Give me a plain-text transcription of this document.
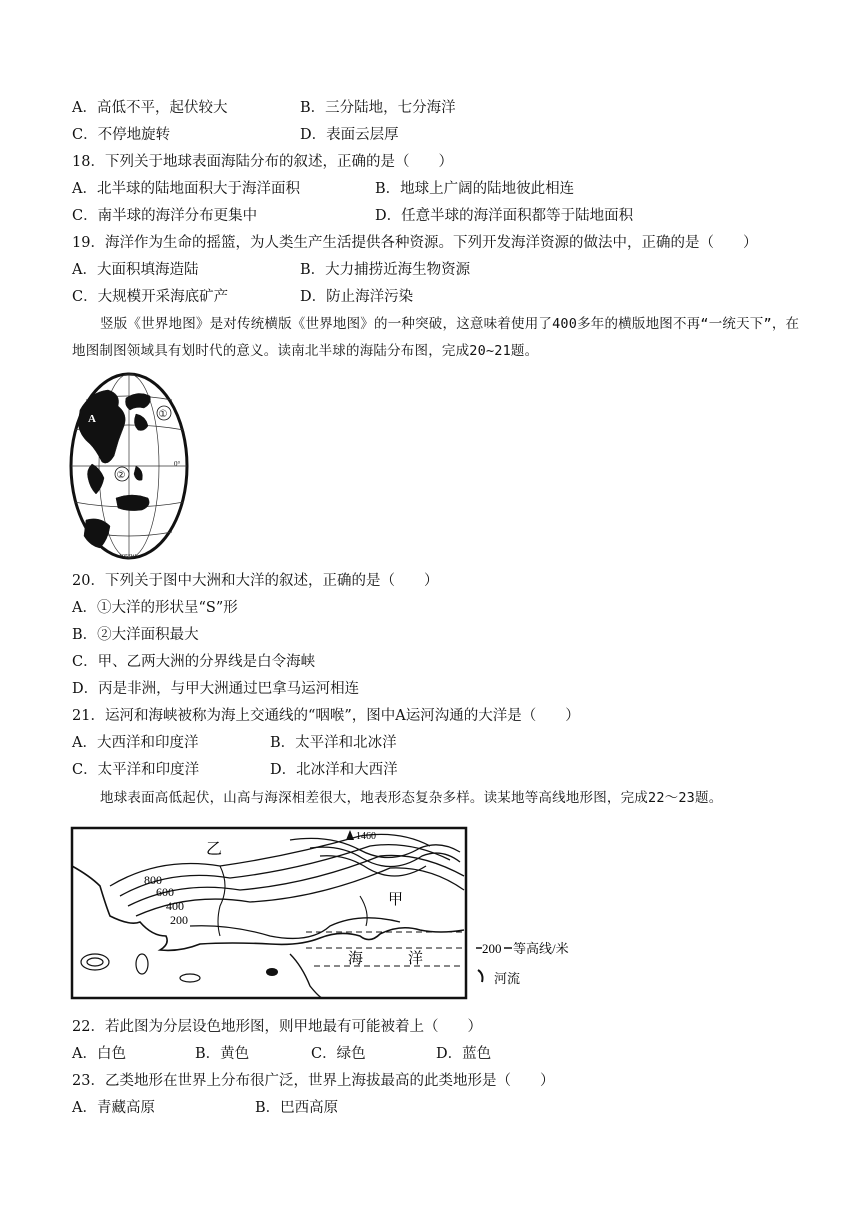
A．高低不平，起伏较大	B．三分陆地，七分海洋
C．不停地旋转	D．表面云层厚
18．下列关于地球表面海陆分布的叙述，正确的是（　　）
A．北半球的陆地面积大于海洋面积	B．地球上广阔的陆地彼此相连
C．南半球的海洋分布更集中	D．任意半球的海洋面积都等于陆地面积
19．海洋作为生命的摇篮，为人类生产生活提供各种资源。下列开发海洋资源的做法中，正确的是（　　）
A．大面积填海造陆	B．大力捕捞近海生物资源
C．大规模开采海底矿产	D．防止海洋污染
竖版《世界地图》是对传统横版《世界地图》的一种突破，这意味着使用了400多年的横版地图不再“一统天下”，在地图制图领域具有划时代的意义。读南北半球的海陆分布图，完成20~21题。
A	①
②
0°
105°W
20．下列关于图中大洲和大洋的叙述，正确的是（　　）
A．①大洋的形状呈“S”形
B．②大洋面积最大
C．甲、乙两大洲的分界线是白令海峡
D．丙是非洲，与甲大洲通过巴拿马运河相连
21．运河和海峡被称为海上交通线的“咽喉”，图中A运河沟通的大洋是（　　）
A．大西洋和印度洋	B．太平洋和北冰洋
C．太平洋和印度洋	D．北冰洋和大西洋
地球表面高低起伏，山高与海深相差很大，地表形态复杂多样。读某地等高线地形图，完成22～23题。
乙
甲
1460
800
600
400
200
海	洋
200 等高线/米
河流
22．若此图为分层设色地形图，则甲地最有可能被着上（　　）
A．白色	B．黄色	C．绿色	D．蓝色
23．乙类地形在世界上分布很广泛，世界上海拔最高的此类地形是（　　）
A．青藏高原	B．巴西高原
